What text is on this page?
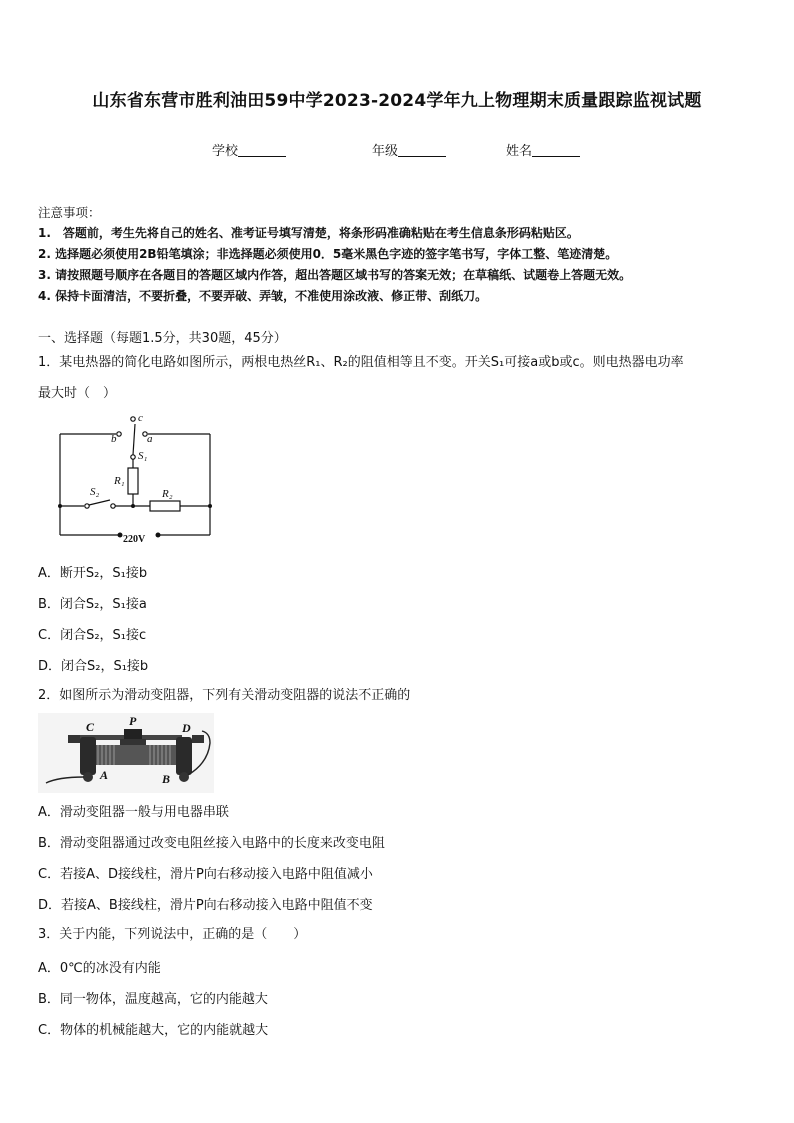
山东省东营市胜利油田59中学2023-2024学年九上物理期末质量跟踪监视试题
学校	年级	姓名
注意事项：
1.　答题前，考生先将自己的姓名、准考证号填写清楚，将条形码准确粘贴在考生信息条形码粘贴区。
2. 选择题必须使用2B铅笔填涂；非选择题必须使用0．5毫米黑色字迹的签字笔书写，字体工整、笔迹清楚。
3. 请按照题号顺序在各题目的答题区域内作答，超出答题区域书写的答案无效；在草稿纸、试题卷上答题无效。
4. 保持卡面清洁，不要折叠，不要弄破、弄皱，不准使用涂改液、修正带、刮纸刀。
一、选择题（每题1.5分，共30题，45分）
1．某电热器的简化电路如图所示，两根电热丝R₁、R₂的阻值相等且不变。开关S₁可接a或b或c。则电热器电功率
最大时（　）
c
b	a
S₁
R₁
S₂	R₂
220V
A．断开S₂，S₁接b
B．闭合S₂，S₁接a
C．闭合S₂，S₁接c
D．闭合S₂，S₁接b
2．如图所示为滑动变阻器，下列有关滑动变阻器的说法不正确的
C	P	D
A	B
A．滑动变阻器一般与用电器串联
B．滑动变阻器通过改变电阻丝接入电路中的长度来改变电阻
C．若接A、D接线柱，滑片P向右移动接入电路中阻值减小
D．若接A、B接线柱，滑片P向右移动接入电路中阻值不变
3．关于内能，下列说法中，正确的是（　　）
A．0℃的冰没有内能
B．同一物体，温度越高，它的内能越大
C．物体的机械能越大，它的内能就越大
